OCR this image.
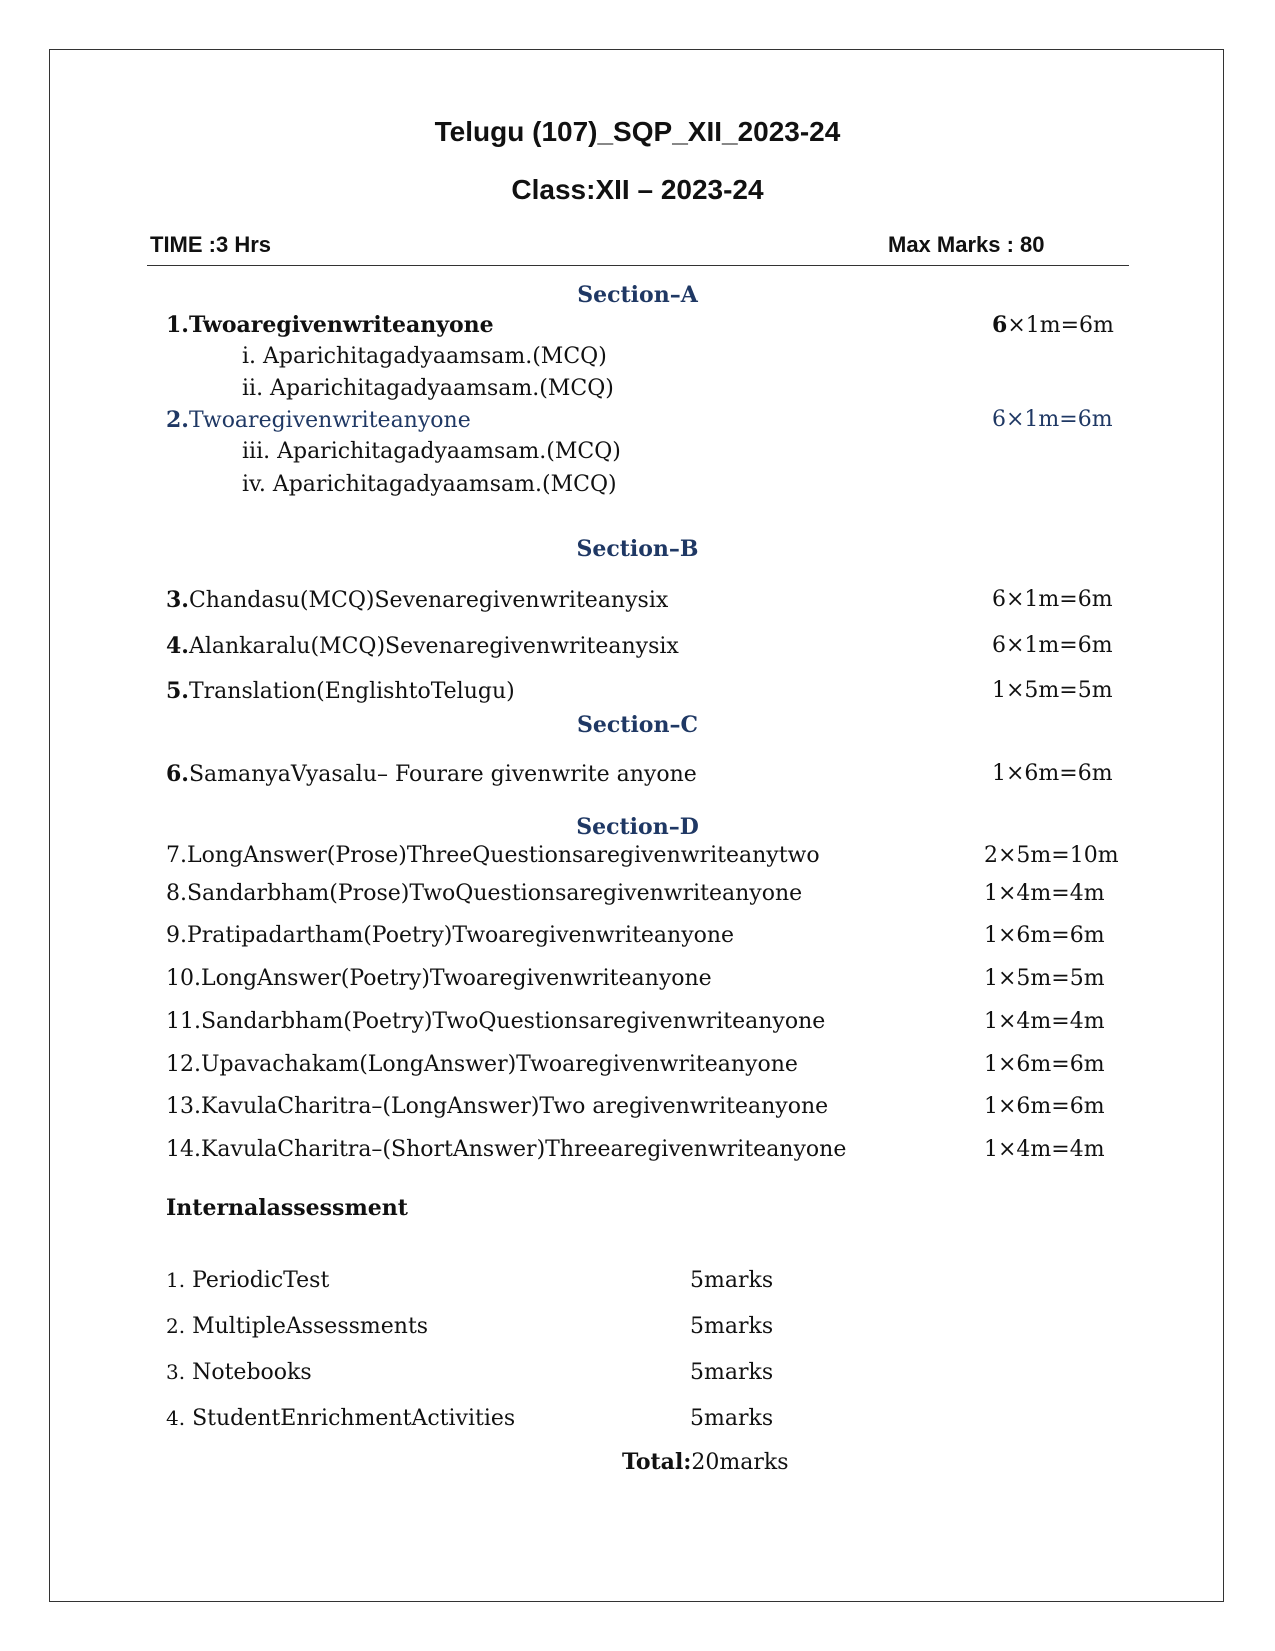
Telugu (107)_SQP_XII_2023-24
Class:XII – 2023-24
TIME :3 Hrs	Max Marks : 80
Section–A
1.Twoaregivenwriteanyone	6×1m=6m
i. Aparichitagadyaamsam.(MCQ)
ii. Aparichitagadyaamsam.(MCQ)
2.Twoaregivenwriteanyone	6×1m=6m
iii. Aparichitagadyaamsam.(MCQ)
iv. Aparichitagadyaamsam.(MCQ)
Section–B
3.Chandasu(MCQ)Sevenaregivenwriteanysix	6×1m=6m
4.Alankaralu(MCQ)Sevenaregivenwriteanysix	6×1m=6m
5.Translation(EnglishtoTelugu)	1×5m=5m
Section–C
6.SamanyaVyasalu– Fourare givenwrite anyone	1×6m=6m
Section–D
7.LongAnswer(Prose)ThreeQuestionsaregivenwriteanytwo	2×5m=10m
8.Sandarbham(Prose)TwoQuestionsaregivenwriteanyone	1×4m=4m
9.Pratipadartham(Poetry)Twoaregivenwriteanyone	1×6m=6m
10.LongAnswer(Poetry)Twoaregivenwriteanyone	1×5m=5m
11.Sandarbham(Poetry)TwoQuestionsaregivenwriteanyone	1×4m=4m
12.Upavachakam(LongAnswer)Twoaregivenwriteanyone	1×6m=6m
13.KavulaCharitra–(LongAnswer)Two aregivenwriteanyone	1×6m=6m
14.KavulaCharitra–(ShortAnswer)Threearegivenwriteanyone	1×4m=4m
Internalassessment
1. PeriodicTest	5marks
2. MultipleAssessments	5marks
3. Notebooks	5marks
4. StudentEnrichmentActivities	5marks
Total:20marks
